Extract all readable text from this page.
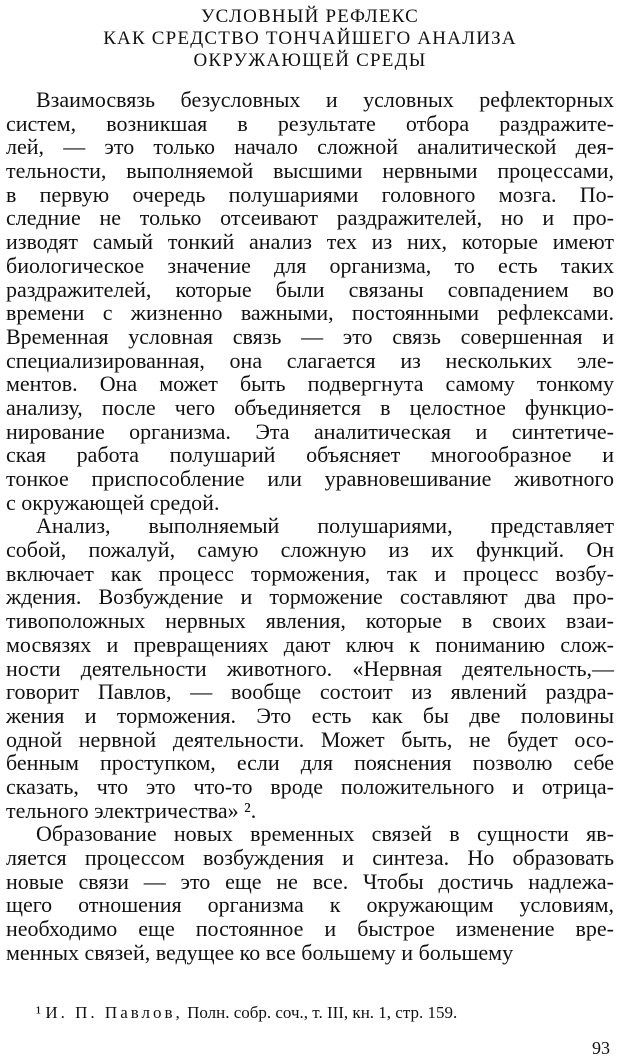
УСЛОВНЫЙ РЕФЛЕКС
КАК СРЕДСТВО ТОНЧАЙШЕГО АНАЛИЗА
ОКРУЖАЮЩЕЙ СРЕДЫ
Взаимосвязь безусловных и условных рефлекторных
систем, возникшая в результате отбора раздражите-
лей, — это только начало сложной аналитической дея-
тельности, выполняемой высшими нервными процессами,
в первую очередь полушариями головного мозга. По-
следние не только отсеивают раздражителей, но и про-
изводят самый тонкий анализ тех из них, которые имеют
биологическое значение для организма, то есть таких
раздражителей, которые были связаны совпадением во
времени с жизненно важными, постоянными рефлексами.
Временная условная связь — это связь совершенная и
специализированная, она слагается из нескольких эле-
ментов. Она может быть подвергнута самому тонкому
анализу, после чего объединяется в целостное функцио-
нирование организма. Эта аналитическая и синтетиче-
ская работа полушарий объясняет многообразное и
тонкое приспособление или уравновешивание животного
с окружающей средой.
Анализ, выполняемый полушариями, представляет
собой, пожалуй, самую сложную из их функций. Он
включает как процесс торможения, так и процесс возбу-
ждения. Возбуждение и торможение составляют два про-
тивоположных нервных явления, которые в своих взаи-
мосвязях и превращениях дают ключ к пониманию слож-
ности деятельности животного. «Нервная деятельность,—
говорит Павлов, — вообще состоит из явлений раздра-
жения и торможения. Это есть как бы две половины
одной нервной деятельности. Может быть, не будет осо-
бенным проступком, если для пояснения позволю себе
сказать, что это что-то вроде положительного и отрица-
тельного электричества» ².
Образование новых временных связей в сущности яв-
ляется процессом возбуждения и синтеза. Но образовать
новые связи — это еще не все. Чтобы достичь надлежа-
щего отношения организма к окружающим условиям,
необходимо еще постоянное и быстрое изменение вре-
менных связей, ведущее ко все большему и большему
¹ И. П. Павлов, Полн. собр. соч., т. III, кн. 1, стр. 159.
93
